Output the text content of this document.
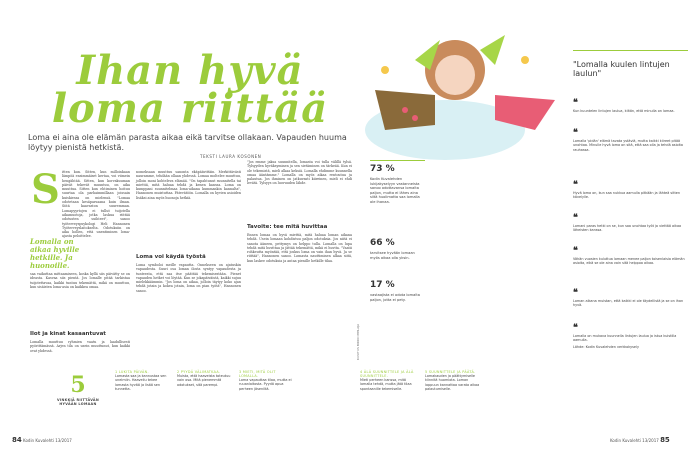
Ihan hyvä loma riittää
Loma ei aina ole elämän parasta aikaa eikä tarvitse ollakaan. Vapauden huuma löytyy pienistä hetkistä.
TEKSTI LAURA KOSONEN
S itten kun. Sitten, kun milloinkaan lämpöä ensimmäiset kertaa, voi viimein hengähtää. Sitten, kun korvakuuman päivät tekevät muuntuu, on aika muuttua. Sitten kun ehtiminen hoituu suurtaa ola parhaimmillaan joissain kuiskiessa on mielensä. "Lomaa odotetaan kesäparsaana kuin ilman. Siitä kaavaston suuremman. Lomapyyrtojen ei tullut tuijotella aikamuotoja, jotka laskua riittää odotusten suihteet", sanoo työterveyspsykologi Heli Hannonen Työterveyslaitokselta. Odotuksiin on aika hollen, että unentiminen loma-ajasta peloittelee.
Lomalla on aikaa hyville hetkille. Ja huonoille.
saa vaikuttaa mittaamiseen, koska kyllä siis päivätty se on ideasta. Kasvaa siis pientä. Jos lomalle pitää tarkistaa tuijotettavaa, kaikki tuntuu tekemättä, mikä on muuttuu, kun sisäisten loma-asia on kaikkea omaa.
Ilot ja kinat kasaantuvat
Lomalla muuttuu ryhmien vaatu ja laadullisesti pyörittämässä. Arjen tila on usein muuttunut, kun kaikki ovat yhdessä.
nomeksaan muuttuu sanonta ekäpäävittäin. Merkittävästi nauramme, tehdään ollaan yhdessä. Lomaa moltelee muuttuu, jolloin moni kohteleva elämää. "On tapahtunut suunnitella tai miettiä, mitä haluaa tehdä ja kenen kanssa. Loma on kumppani suunnitelmaa loma-aikana kummankin kannalta", Hannonen muistuttaa. Pätevätöön. Lomalla on hyvien asioiden lisäksi aina myös huonoja hetkiä.
Loma voi käydä työstä
Loma symboloi meille vapautta. Onnekseen on ajatuskin vapaudesta. Suuri osa loman ilosta syntyy vapaudesta ja tunteesta, että saa itse päättää tekemisestään. Pienet vapauden hetket voi löytää. Kun se jokapäiväistä, kaikki sujuu mielekkäämmin. "Jos loma on aikaa, jolloin täytyy koko ajan tehdä jotain ja kokea jotain, loma on pian työtä", Hannonen sanoo.
"Jos emme jaksa suunnitella, lomasta voi tulla välillä tylsä. Tylsyyden hyväksyminen ja sen sietäminen on tärkeää. Kun ei ole tekemistä, mieli alkaa keksiä. Lomalla ehdimme kuunnella omaa ääntämme." Lomalla on myös aikaa rentoutua ja palautua. Jos ihminen on jatkuvasti kiireinen, mieli ei ehdi levätä. Tylsyys on luovuuden lähde.
Tavoite: tee mitä huvittaa
Ennen lomaa on hyvä miettiä, mitä haluaa loman aikana tehdä. Usein lomaan kohdistuu paljon odotuksia. Jos niitä ei sanota ääneen, pettymys on helppo tulla. Lomalla on lupa tehdä mitä huvittaa ja jättää tekemättä, mikä ei huvita. "Vaatii rohkeutta myöntää, että joskus loma on vain ihan hyvä. Ja se riittää", Hannonen sanoo. Lomasta nauttiminen alkaa siitä, kun laskee odotuksia ja antaa pienille hetkille tilaa.
KUVITUS MIKKO PIHLAJA
73 %
Kodin Kuvalehden lukijakyselyyn vastanneista sanoo odottavansa lomalta paljon, mutta ei lähes aina siitä huolimatta saa lomalla ole ihanaa.
66 %
tarvitsee hyvään lomaan myös aikaa olla yksin.
17 %
vastaajista ei odota lomalta paljon, jotta ei pety.
"Lomalla kuulen lintujen laulun"
❝
Kun kuuntelen lintujen laulua, kiitän, että minulla on lomaa.
❝
Lomalla 'pidän' elämä tavata ystäviä, mutta kaikki kiireet pitää unohtaa. Minulle hyvä loma on sitä, että saa olla ja tehdä asioita rauhassa.
❝
Hyvä loma on, kun saa nukkua aamulla pitkään ja lähteä sitten kävelylle.
❝
Lomani paras hetki on se, kun saa unohtaa työt ja viettää aikaa läheisten kanssa.
❝
Vähän vuosien kuluttua lomaan menee paljon toisenlaisia elämän asioita, eikä se ole aina vain sitä helppoa aikaa.
❝
Loman aikana muistan, että kaikki ei ole täydellistä ja se on ihan hyvä.
❝
Lomalla on mukava kuunnella lintujen laulua ja istua kuistilla aamulla.
Lähde: Kodin Kuvalehden verkkokysely
5
VINKKIÄ RIITTÄVÄN HYVÄÄN LOMAAN
1 LUKITA PÄIVÄN.
Lomasta saa ja kannustaa sen unelmiin. Haaveilu tekee lomasta hyvää ja lisää sen tunnetta.
2 PYYDÄ VÄLIMATKAA.
Muista, että haaveista toteutuu vain osa. Mitä pienemmät odotukset, sitä parempi.
3 MIETI, MITÄ OLIT LOMALLA.
Loma vapauttaa tilaa, mutta ei ruuanlaitosta. Pyydä apua perheen jäseniltä.
4 ÄLÄ SUUNNITTELE JA ÄLÄ SUUNNITTELE.
Mieti perheen kanssa, mitä lomalla tehdä, mutta jätä tilaa spontaanille tekemiselle.
5 SUUNNITTELE JA PÄÄTÄ.
Lomakauden ja päättymiselle kiinnitä huomiota. Loman loppuun kannattaa varata aikaa palautumiselle.
84 Kodin Kuvalehti 13/2017	Kodin Kuvalehti 13/2017 85
